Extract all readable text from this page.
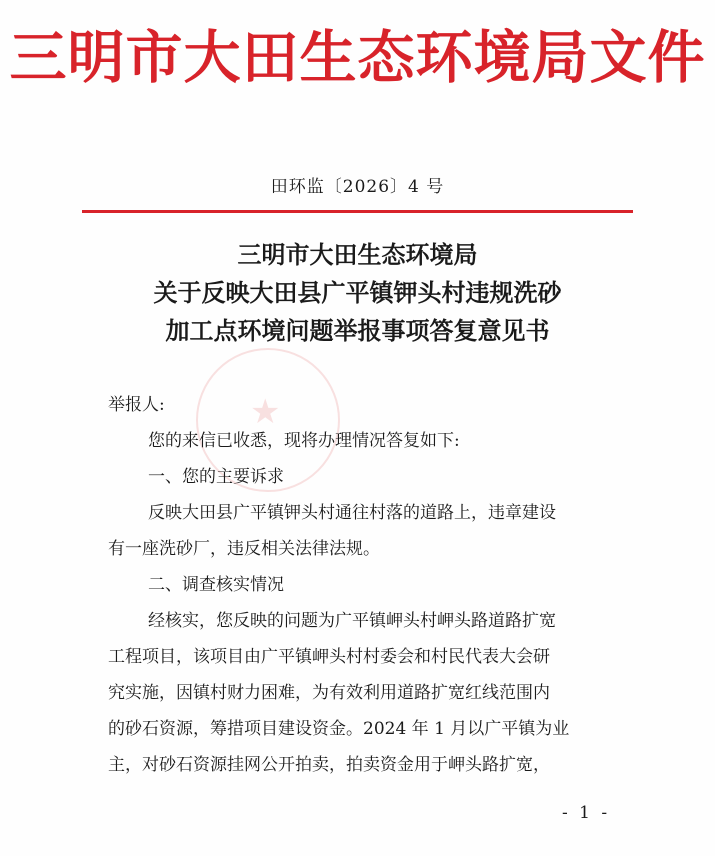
三明市大田生态环境局文件
田环监〔2026〕4 号
★
三明市大田生态环境局
关于反映大田县广平镇钾头村违规洗砂
加工点环境问题举报事项答复意见书
举报人:
您的来信已收悉，现将办理情况答复如下:
一、您的主要诉求
反映大田县广平镇钾头村通往村落的道路上，违章建设
有一座洗砂厂，违反相关法律法规。
二、调查核实情况
经核实，您反映的问题为广平镇岬头村岬头路道路扩宽
工程项目，该项目由广平镇岬头村村委会和村民代表大会研
究实施，因镇村财力困难，为有效利用道路扩宽红线范围内
的砂石资源，筹措项目建设资金。2024 年 1 月以广平镇为业
主，对砂石资源挂网公开拍卖，拍卖资金用于岬头路扩宽，
- 1 -
